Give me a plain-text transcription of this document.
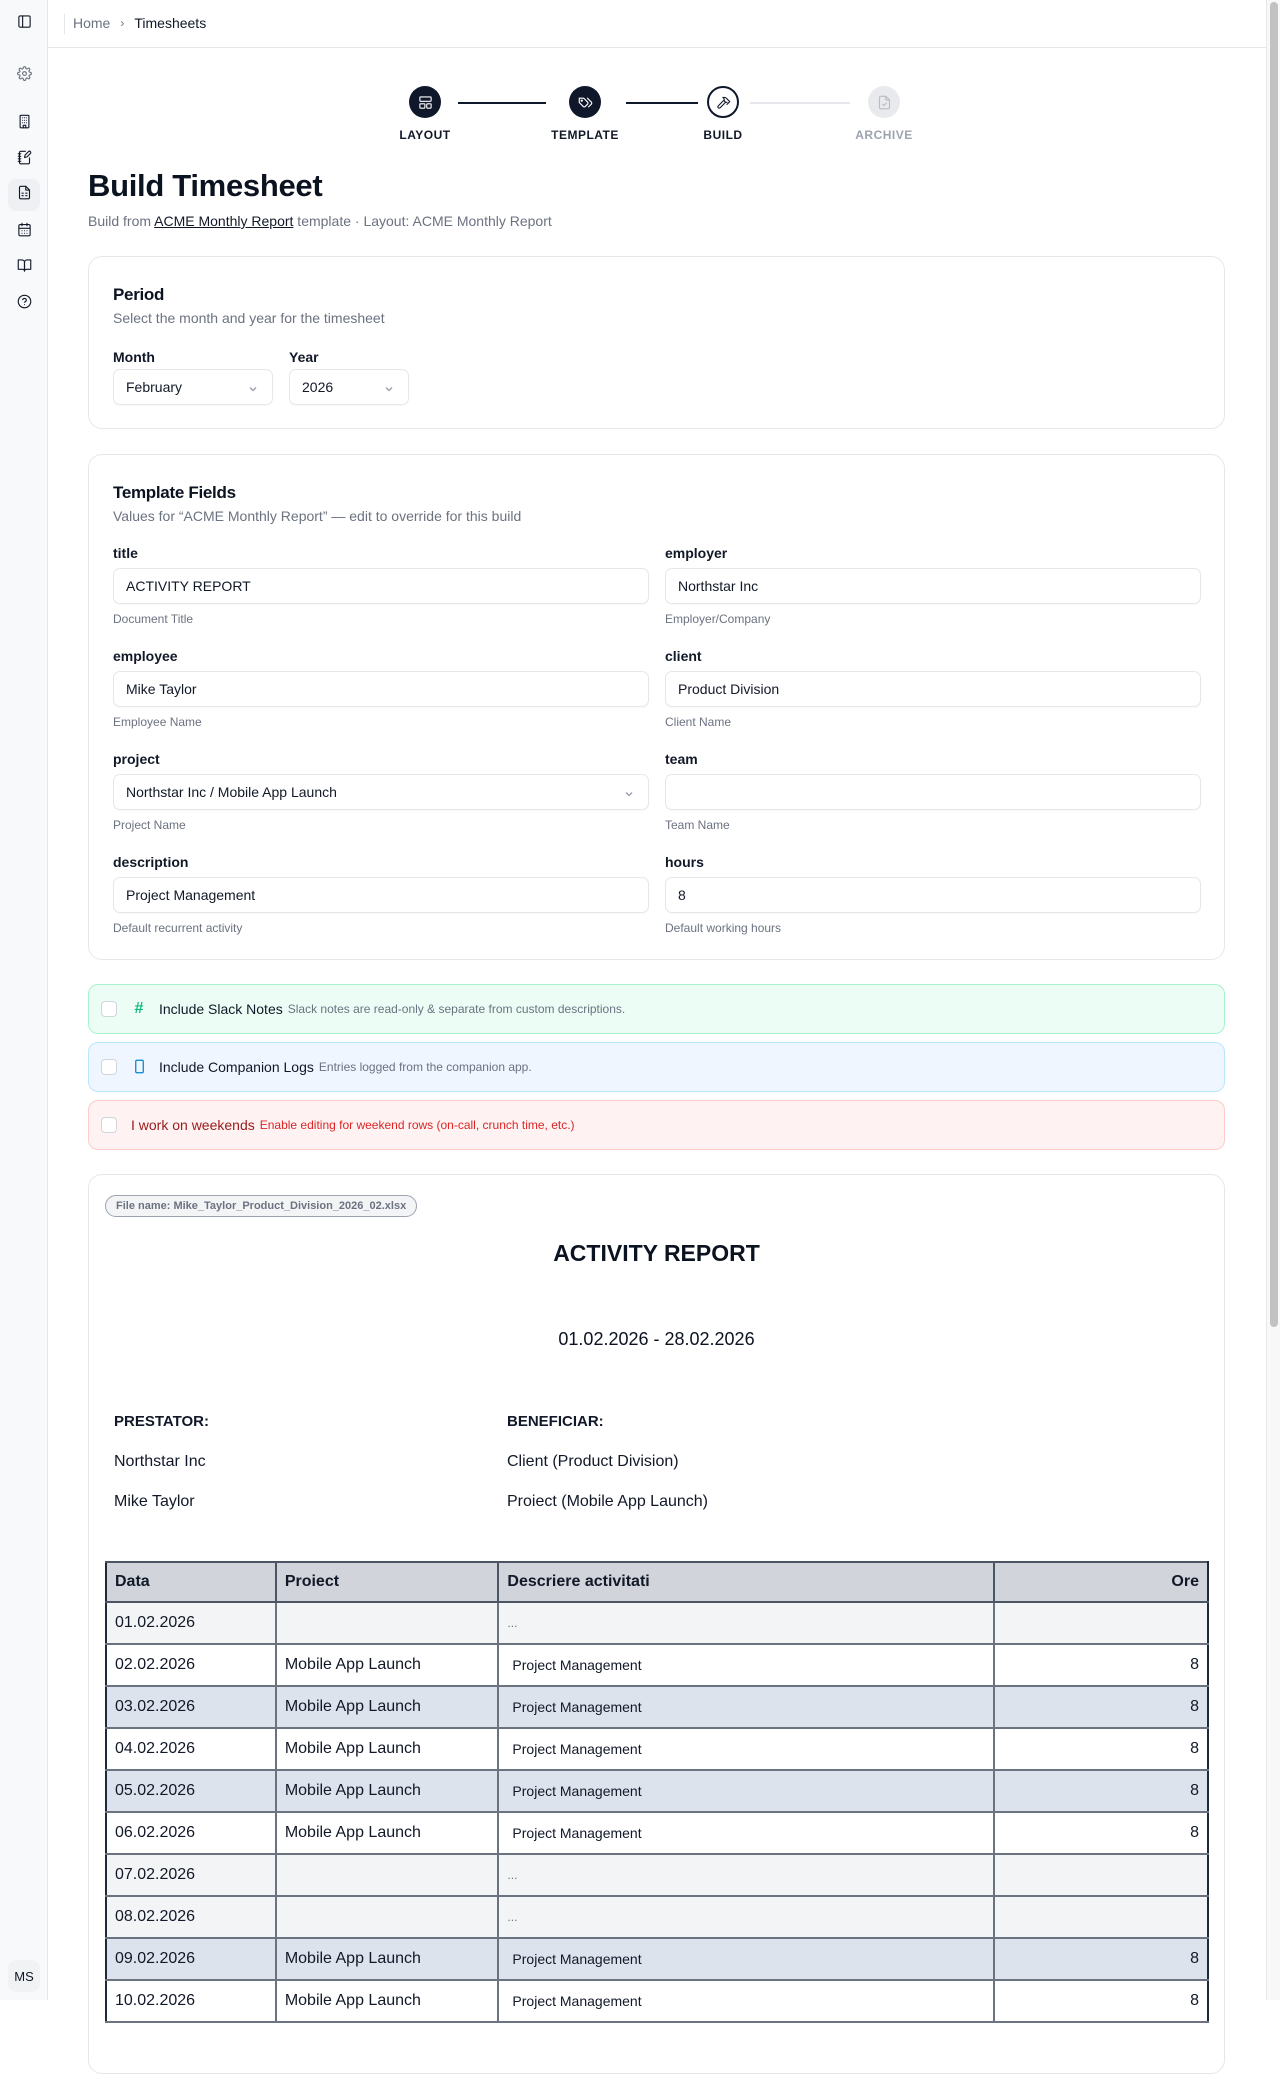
MS
Home › Timesheets
LAYOUT	TEMPLATE	BUILD	ARCHIVE
Build Timesheet
Build from ACME Monthly Report template · Layout: ACME Monthly Report
Period
Select the month and year for the timesheet
Month
February
Year
2026
Template Fields
Values for “ACME Monthly Report” — edit to override for this build
title
ACTIVITY REPORT
Document Title
employer
Northstar Inc
Employer/Company
employee
Mike Taylor
Employee Name
client
Product Division
Client Name
project
Northstar Inc / Mobile App Launch
Project Name
team
Team Name
description
Project Management
Default recurrent activity
hours
8
Default working hours
# Include Slack Notes Slack notes are read-only & separate from custom descriptions.
Include Companion Logs Entries logged from the companion app.
I work on weekends Enable editing for weekend rows (on-call, crunch time, etc.)
File name: Mike_Taylor_Product_Division_2026_02.xlsx
ACTIVITY REPORT
01.02.2026 - 28.02.2026
PRESTATOR:
Northstar Inc
Mike Taylor
BENEFICIAR:
Client (Product Division)
Proiect (Mobile App Launch)
Data	Proiect	Descriere activitati	Ore
01.02.2026		...	
02.02.2026	Mobile App Launch	Project Management	8
03.02.2026	Mobile App Launch	Project Management	8
04.02.2026	Mobile App Launch	Project Management	8
05.02.2026	Mobile App Launch	Project Management	8
06.02.2026	Mobile App Launch	Project Management	8
07.02.2026		...	
08.02.2026		...	
09.02.2026	Mobile App Launch	Project Management	8
10.02.2026	Mobile App Launch	Project Management	8
